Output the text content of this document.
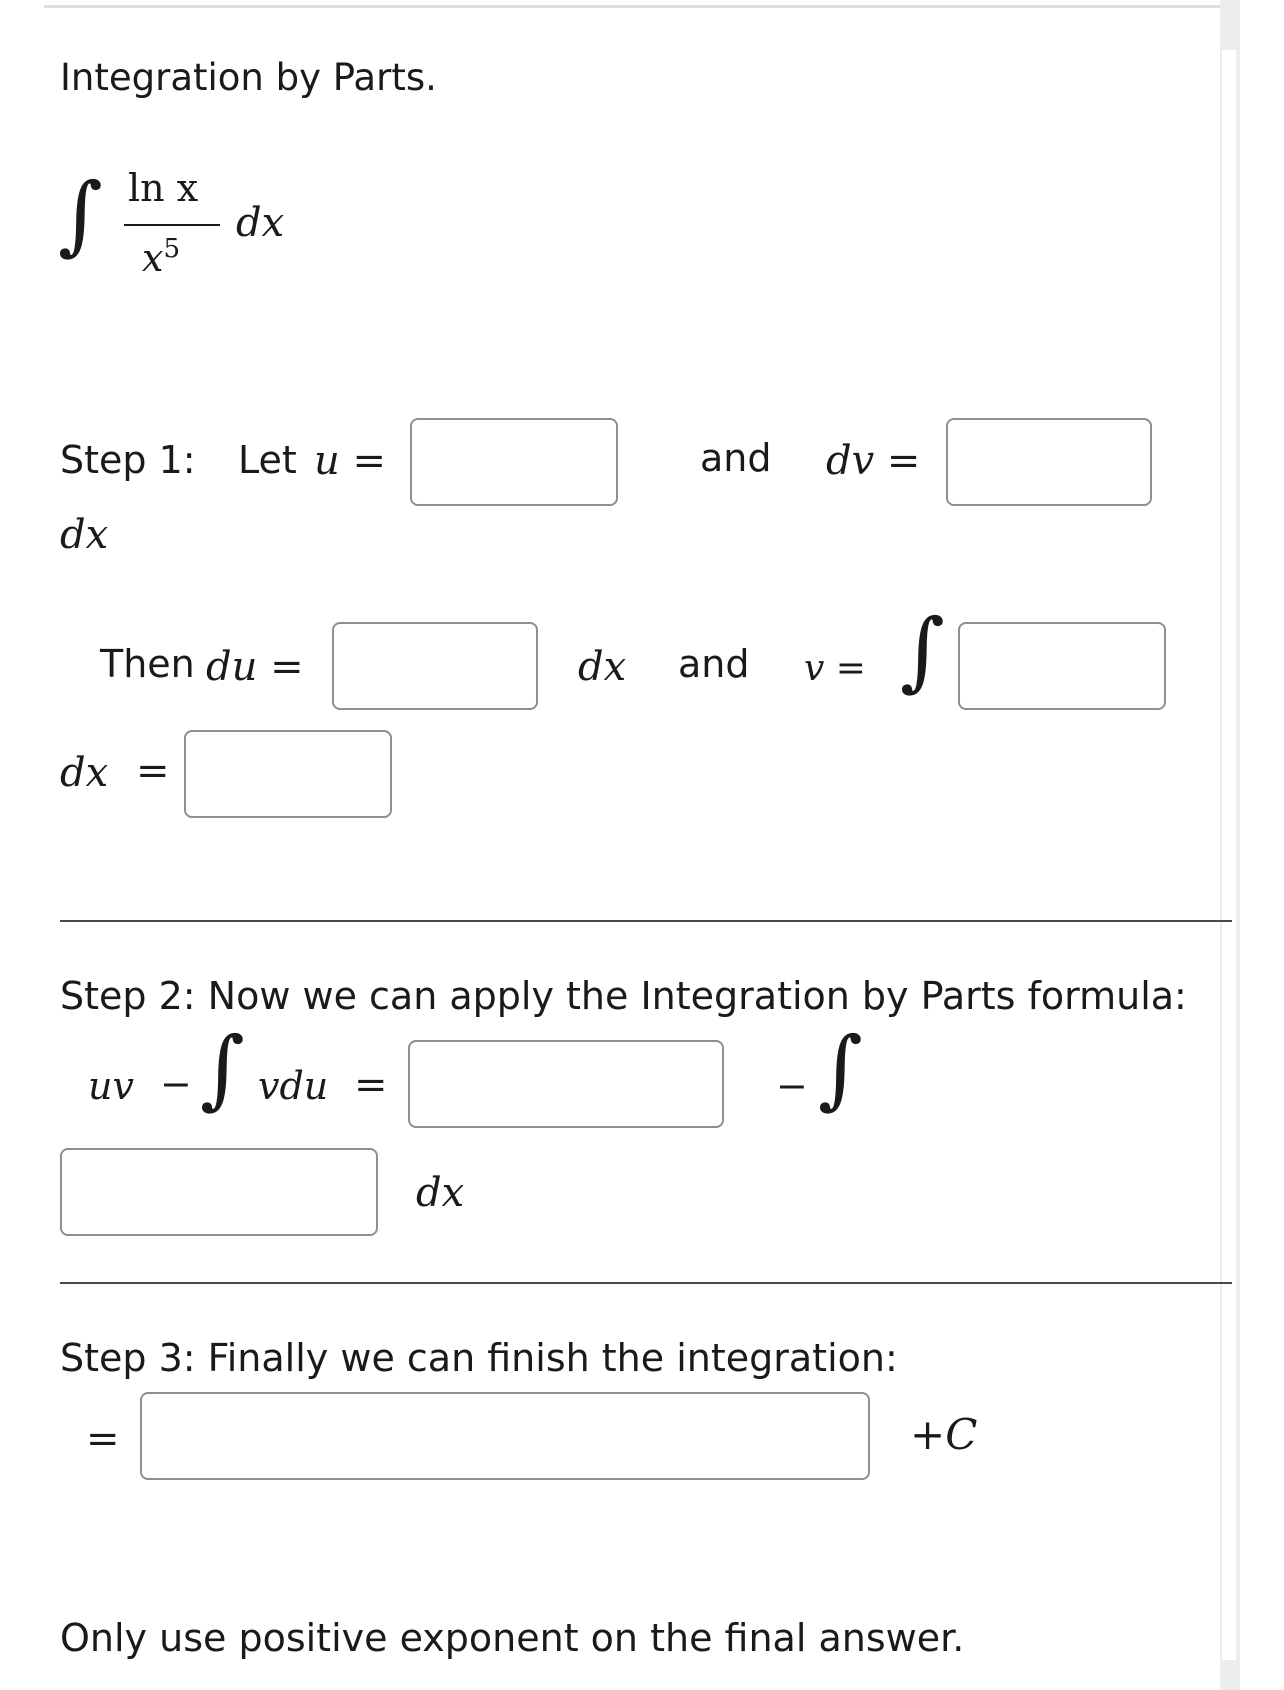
Integration by Parts.
∫ ln x
$x^5$
dx
Step 1: Let u =	and dv =
dx
Then du =	dx and v = ∫
dx =
Step 2: Now we can apply the Integration by Parts formula:
uv − ∫ vdu =	− ∫
dx
Step 3: Finally we can finish the integration:
=	+C
Only use positive exponent on the final answer.
